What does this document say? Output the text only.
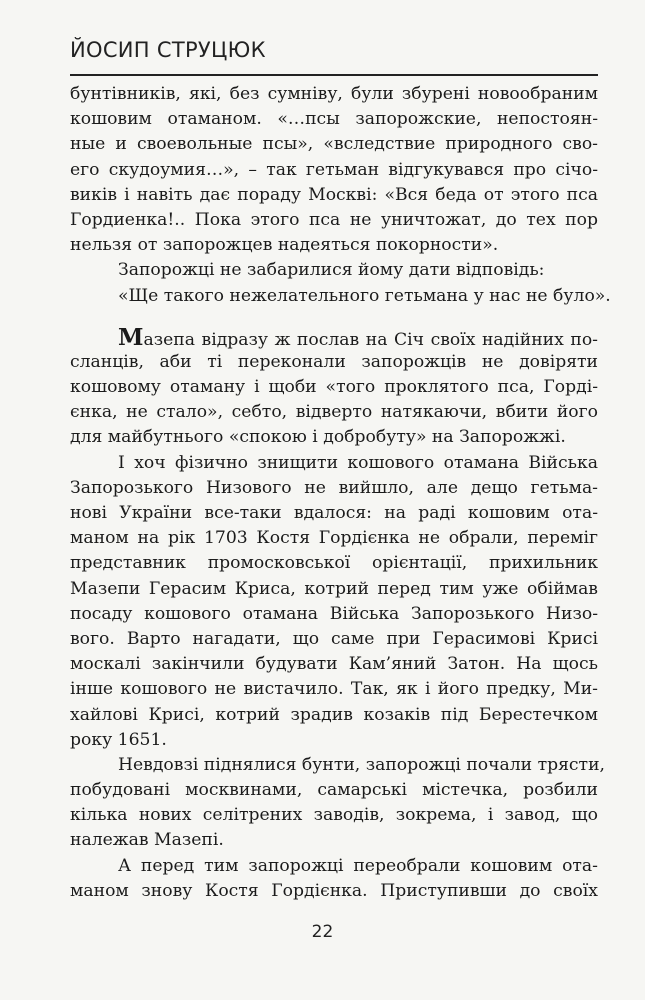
ЙОСИП СТРУЦЮК
бунтівників, які, без сумніву, були збурені новообраним
кошовим отаманом. «…псы запорожские, непостоян-
ные и своевольные псы», «вследствие природного сво-
его скудоумия…», – так гетьман відгукувався про січо-
виків і навіть дає пораду Москві: «Вся беда от этого пса
Гордиенка!.. Пока этого пса не уничтожат, до тех пор
нельзя от запорожцев надеяться покорности».
Запорожці не забарилися йому дати відповідь:
«Ще такого нежелательного гетьмана у нас не було».
Мазепа відразу ж послав на Січ своїх надійних по-
сланців, аби ті переконали запорожців не довіряти
кошовому отаману і щоби «того проклятого пса, Горді-
єнка, не стало», себто, відверто натякаючи, вбити його
для майбутнього «спокою і добробуту» на Запорожжі.
І хоч фізично знищити кошового отамана Війська
Запорозького Низового не вийшло, але дещо гетьма-
нові України все-таки вдалося: на раді кошовим ота-
маном на рік 1703 Костя Гордієнка не обрали, переміг
представник промосковської орієнтації, прихильник
Мазепи Герасим Криса, котрий перед тим уже обіймав
посаду кошового отамана Війська Запорозького Низо-
вого. Варто нагадати, що саме при Герасимові Крисі
москалі закінчили будувати Кам’яний Затон. На щось
інше кошового не вистачило. Так, як і його предку, Ми-
хайлові Крисі, котрий зрадив козаків під Берестечком
року 1651.
Невдовзі піднялися бунти, запорожці почали трясти,
побудовані москвинами, самарські містечка, розбили
кілька нових селітрених заводів, зокрема, і завод, що
належав Мазепі.
А перед тим запорожці переобрали кошовим ота-
маном знову Костя Гордієнка. Приступивши до своїх
22
